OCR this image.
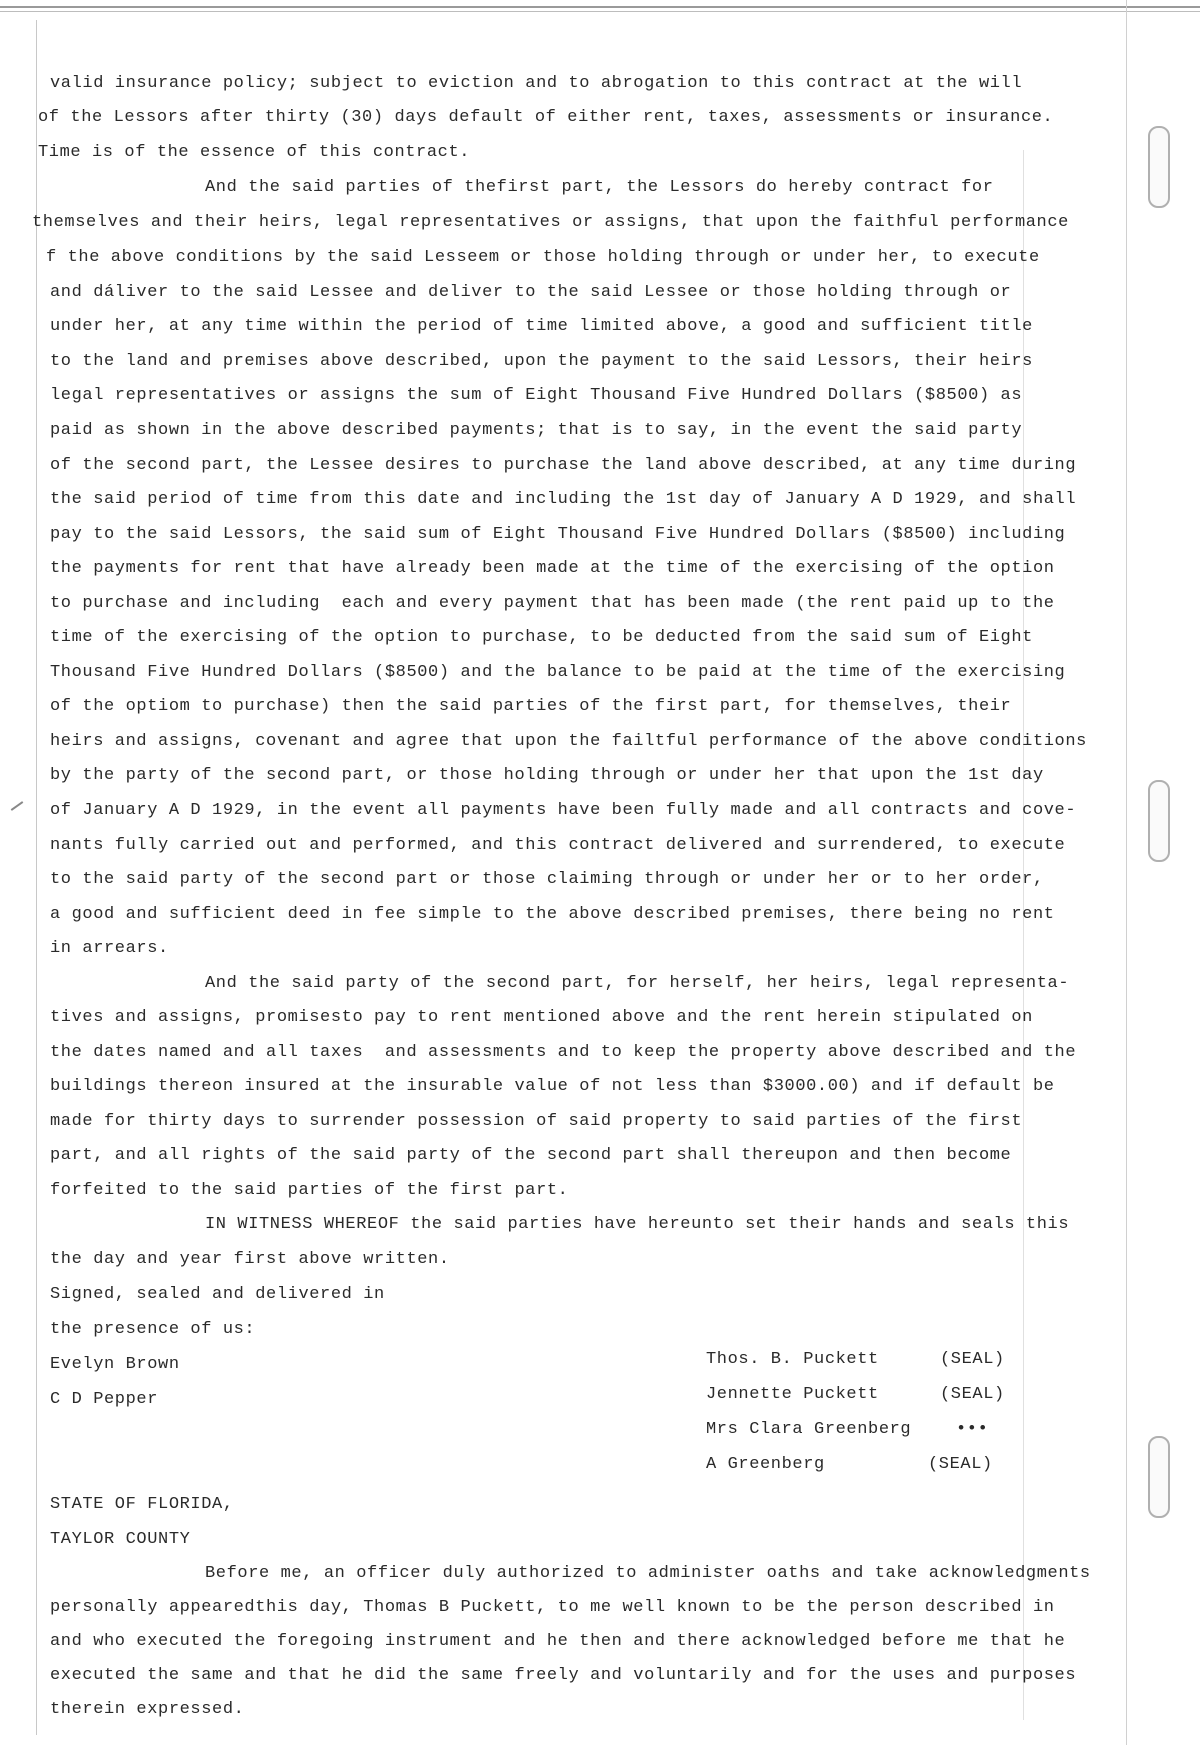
valid insurance policy; subject to eviction and to abrogation to this contract at the will
of the Lessors after thirty (30) days default of either rent, taxes, assessments or insurance.
Time is of the essence of this contract.
And the said parties of thefirst part, the Lessors do hereby contract for
themselves and their heirs, legal representatives or assigns, that upon the faithful performance
f the above conditions by the said Lesseem or those holding through or under her, to execute
and dáliver to the said Lessee and deliver to the said Lessee or those holding through or
under her, at any time within the period of time limited above, a good and sufficient title
to the land and premises above described, upon the payment to the said Lessors, their heirs
legal representatives or assigns the sum of Eight Thousand Five Hundred Dollars ($8500) as
paid as shown in the above described payments; that is to say, in the event the said party
of the second part, the Lessee desires to purchase the land above described, at any time during
the said period of time from this date and including the 1st day of January A D 1929, and shall
pay to the said Lessors, the said sum of Eight Thousand Five Hundred Dollars ($8500) including
the payments for rent that have already been made at the time of the exercising of the option
to purchase and including  each and every payment that has been made (the rent paid up to the
time of the exercising of the option to purchase, to be deducted from the said sum of Eight
Thousand Five Hundred Dollars ($8500) and the balance to be paid at the time of the exercising
of the optiom to purchase) then the said parties of the first part, for themselves, their
heirs and assigns, covenant and agree that upon the failtful performance of the above conditions
by the party of the second part, or those holding through or under her that upon the 1st day
of January A D 1929, in the event all payments have been fully made and all contracts and cove-
nants fully carried out and performed, and this contract delivered and surrendered, to execute
to the said party of the second part or those claiming through or under her or to her order,
a good and sufficient deed in fee simple to the above described premises, there being no rent
in arrears.
And the said party of the second part, for herself, her heirs, legal representa-
tives and assigns, promisesto pay to rent mentioned above and the rent herein stipulated on
the dates named and all taxes  and assessments and to keep the property above described and the
buildings thereon insured at the insurable value of not less than $3000.00) and if default be
made for thirty days to surrender possession of said property to said parties of the first
part, and all rights of the said party of the second part shall thereupon and then become
forfeited to the said parties of the first part.
IN WITNESS WHEREOF the said parties have hereunto set their hands and seals this
the day and year first above written.
Signed, sealed and delivered in
the presence of us:
Evelyn Brown
C D Pepper
Thos. B. Puckett	(SEAL)
Jennette Puckett	(SEAL)
Mrs Clara Greenberg	•••
A Greenberg	(SEAL)
STATE OF FLORIDA,
TAYLOR COUNTY
Before me, an officer duly authorized to administer oaths and take acknowledgments
personally appearedthis day, Thomas B Puckett, to me well known to be the person described in
and who executed the foregoing instrument and he then and there acknowledged before me that he
executed the same and that he did the same freely and voluntarily and for the uses and purposes
therein expressed.
